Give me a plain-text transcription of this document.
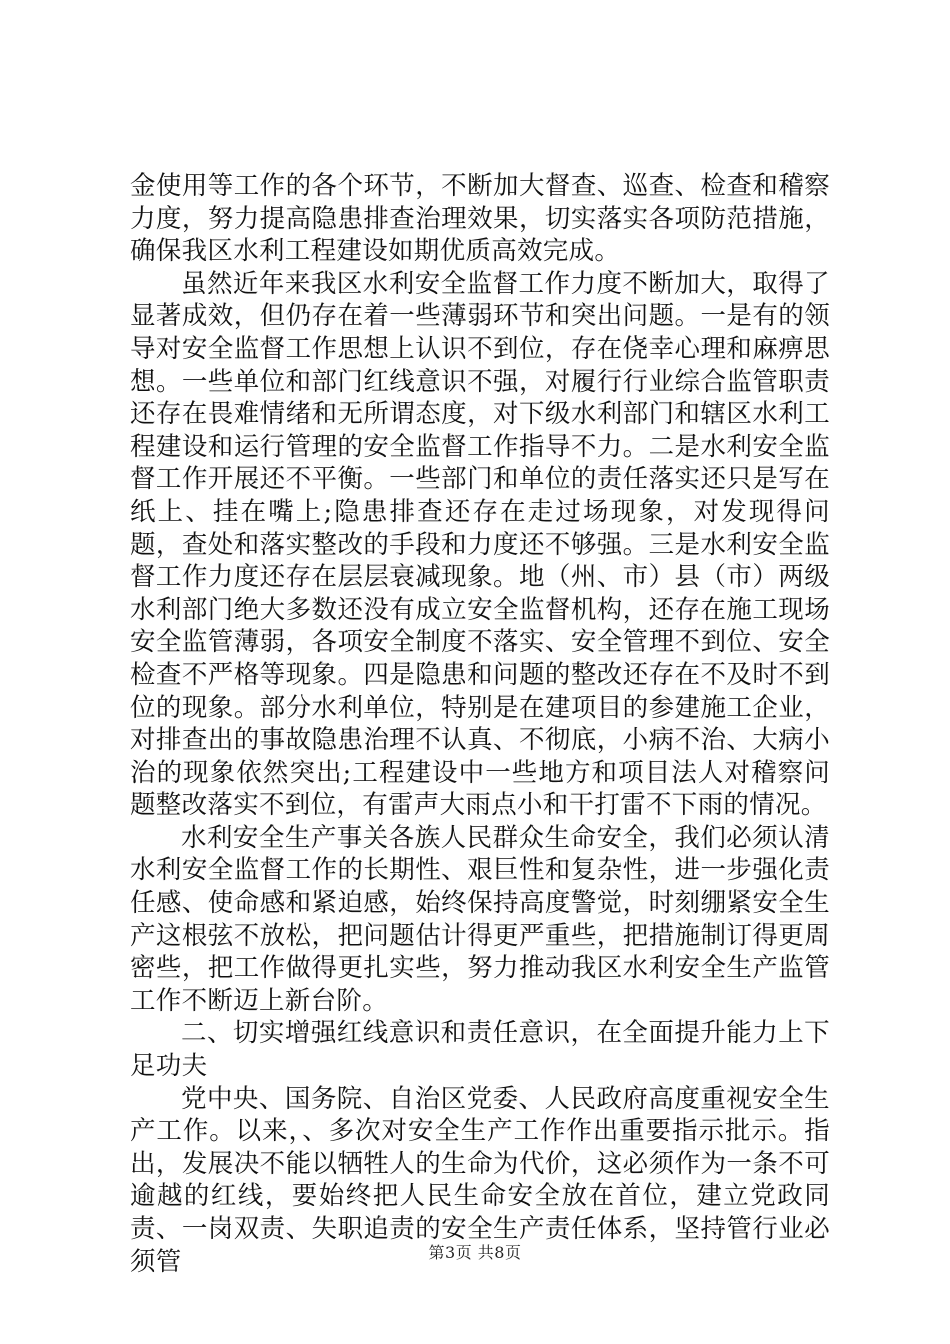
金使用等工作的各个环节，不断加大督查、巡查、检查和稽察力度，努力提高隐患排查治理效果，切实落实各项防范措施，确保我区水利工程建设如期优质高效完成。

虽然近年来我区水利安全监督工作力度不断加大，取得了显著成效，但仍存在着一些薄弱环节和突出问题。一是有的领导对安全监督工作思想上认识不到位，存在侥幸心理和麻痹思想。一些单位和部门红线意识不强，对履行行业综合监管职责还存在畏难情绪和无所谓态度，对下级水利部门和辖区水利工程建设和运行管理的安全监督工作指导不力。二是水利安全监督工作开展还不平衡。一些部门和单位的责任落实还只是写在纸上、挂在嘴上;隐患排查还存在走过场现象，对发现得问题，查处和落实整改的手段和力度还不够强。三是水利安全监督工作力度还存在层层衰减现象。地（州、市）县（市）两级水利部门绝大多数还没有成立安全监督机构，还存在施工现场安全监管薄弱，各项安全制度不落实、安全管理不到位、安全检查不严格等现象。四是隐患和问题的整改还存在不及时不到位的现象。部分水利单位，特别是在建项目的参建施工企业，对排查出的事故隐患治理不认真、不彻底，小病不治、大病小治的现象依然突出;工程建设中一些地方和项目法人对稽察问题整改落实不到位，有雷声大雨点小和干打雷不下雨的情况。

水利安全生产事关各族人民群众生命安全，我们必须认清水利安全监督工作的长期性、艰巨性和复杂性，进一步强化责任感、使命感和紧迫感，始终保持高度警觉，时刻绷紧安全生产这根弦不放松，把问题估计得更严重些，把措施制订得更周密些，把工作做得更扎实些，努力推动我区水利安全生产监管工作不断迈上新台阶。

二、切实增强红线意识和责任意识，在全面提升能力上下足功夫

党中央、国务院、自治区党委、人民政府高度重视安全生产工作。以来，、多次对安全生产工作作出重要指示批示。指出，发展决不能以牺牲人的生命为代价，这必须作为一条不可逾越的红线，要始终把人民生命安全放在首位，建立党政同责、一岗双责、失职追责的安全生产责任体系，坚持管行业必须管	第3页 共8页
